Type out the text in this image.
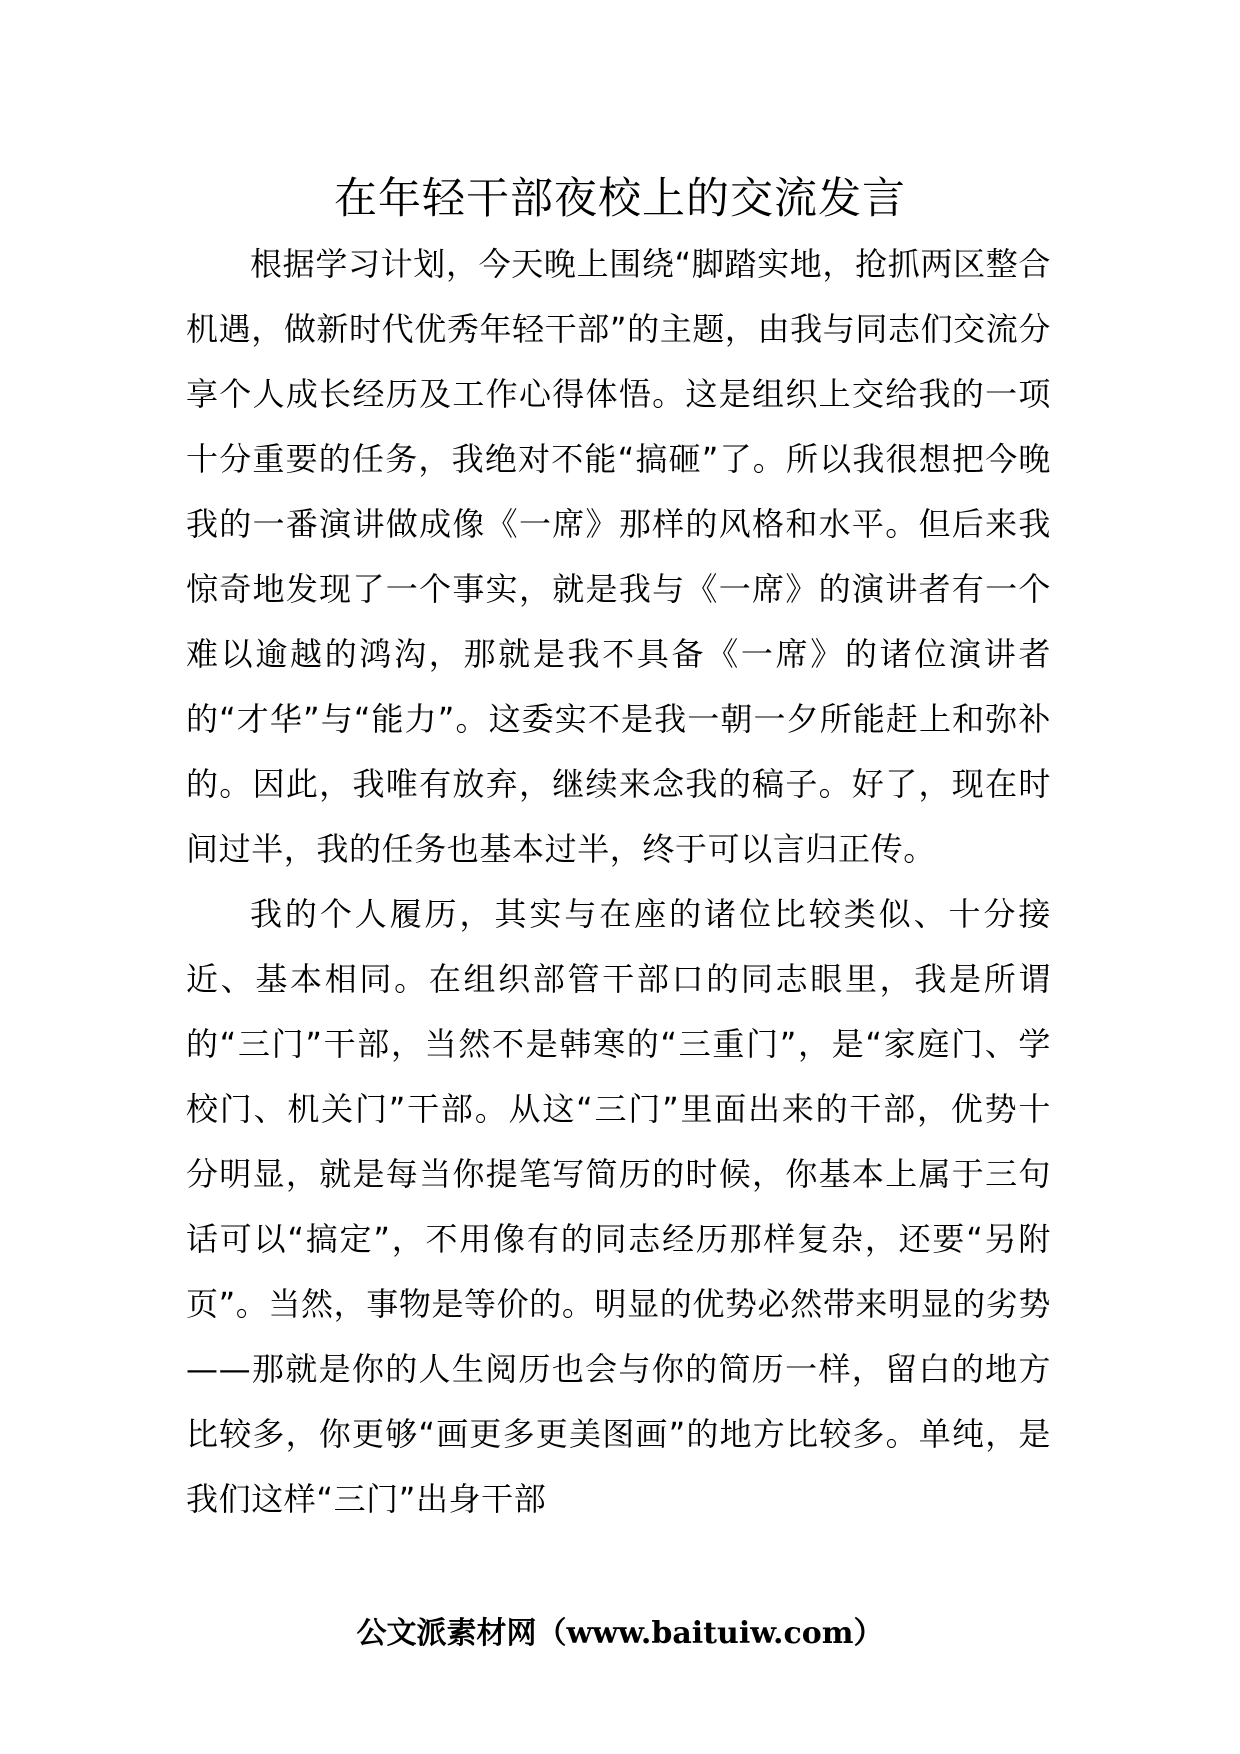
在年轻干部夜校上的交流发言

根据学习计划，今天晚上围绕“脚踏实地，抢抓两区整合机遇，做新时代优秀年轻干部”的主题，由我与同志们交流分享个人成长经历及工作心得体悟。这是组织上交给我的一项十分重要的任务，我绝对不能“搞砸”了。所以我很想把今晚我的一番演讲做成像《一席》那样的风格和水平。但后来我惊奇地发现了一个事实，就是我与《一席》的演讲者有一个难以逾越的鸿沟，那就是我不具备《一席》的诸位演讲者的“才华”与“能力”。这委实不是我一朝一夕所能赶上和弥补的。因此，我唯有放弃，继续来念我的稿子。好了，现在时间过半，我的任务也基本过半，终于可以言归正传。

我的个人履历，其实与在座的诸位比较类似、十分接近、基本相同。在组织部管干部口的同志眼里，我是所谓的“三门”干部，当然不是韩寒的“三重门”，是“家庭门、学校门、机关门”干部。从这“三门”里面出来的干部，优势十分明显，就是每当你提笔写简历的时候，你基本上属于三句话可以“搞定”，不用像有的同志经历那样复杂，还要“另附页”。当然，事物是等价的。明显的优势必然带来明显的劣势——那就是你的人生阅历也会与你的简历一样，留白的地方比较多，你更够“画更多更美图画”的地方比较多。单纯，是我们这样“三门”出身干部

公文派素材网（www.baituiw.com）
